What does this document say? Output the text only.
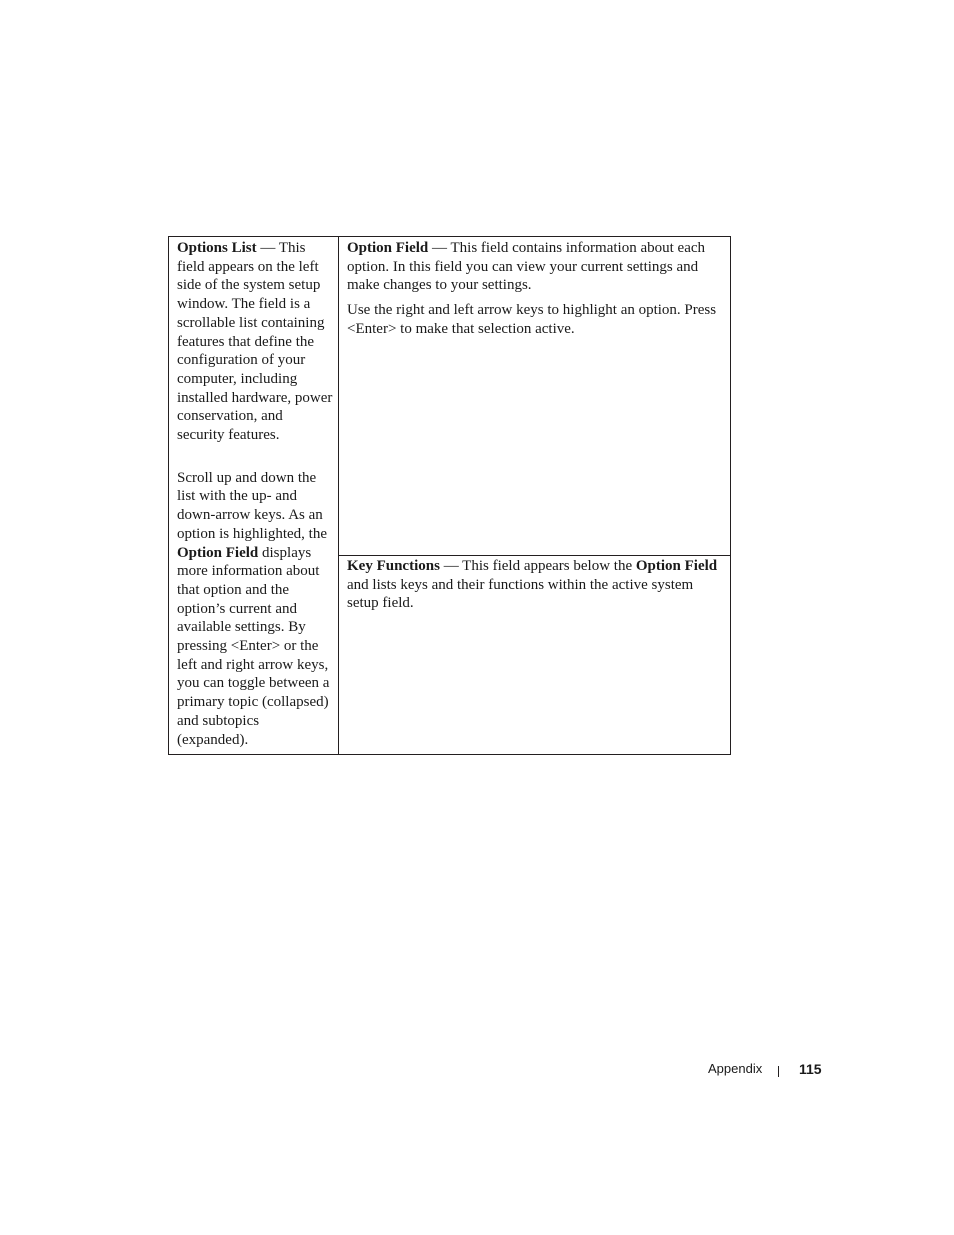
Options List — This field appears on the left side of the system setup window. The field is a scrollable list containing features that define the configuration of your computer, including installed hardware, power conservation, and security features.

Scroll up and down the list with the up- and down-arrow keys. As an option is highlighted, the Option Field displays more information about that option and the option’s current and available settings. By pressing <Enter> or the left and right arrow keys, you can toggle between a primary topic (collapsed) and subtopics (expanded).

Option Field — This field contains information about each option. In this field you can view your current settings and make changes to your settings.

Use the right and left arrow keys to highlight an option. Press <Enter> to make that selection active.

Key Functions — This field appears below the Option Field and lists keys and their functions within the active system setup field.

Appendix	115
